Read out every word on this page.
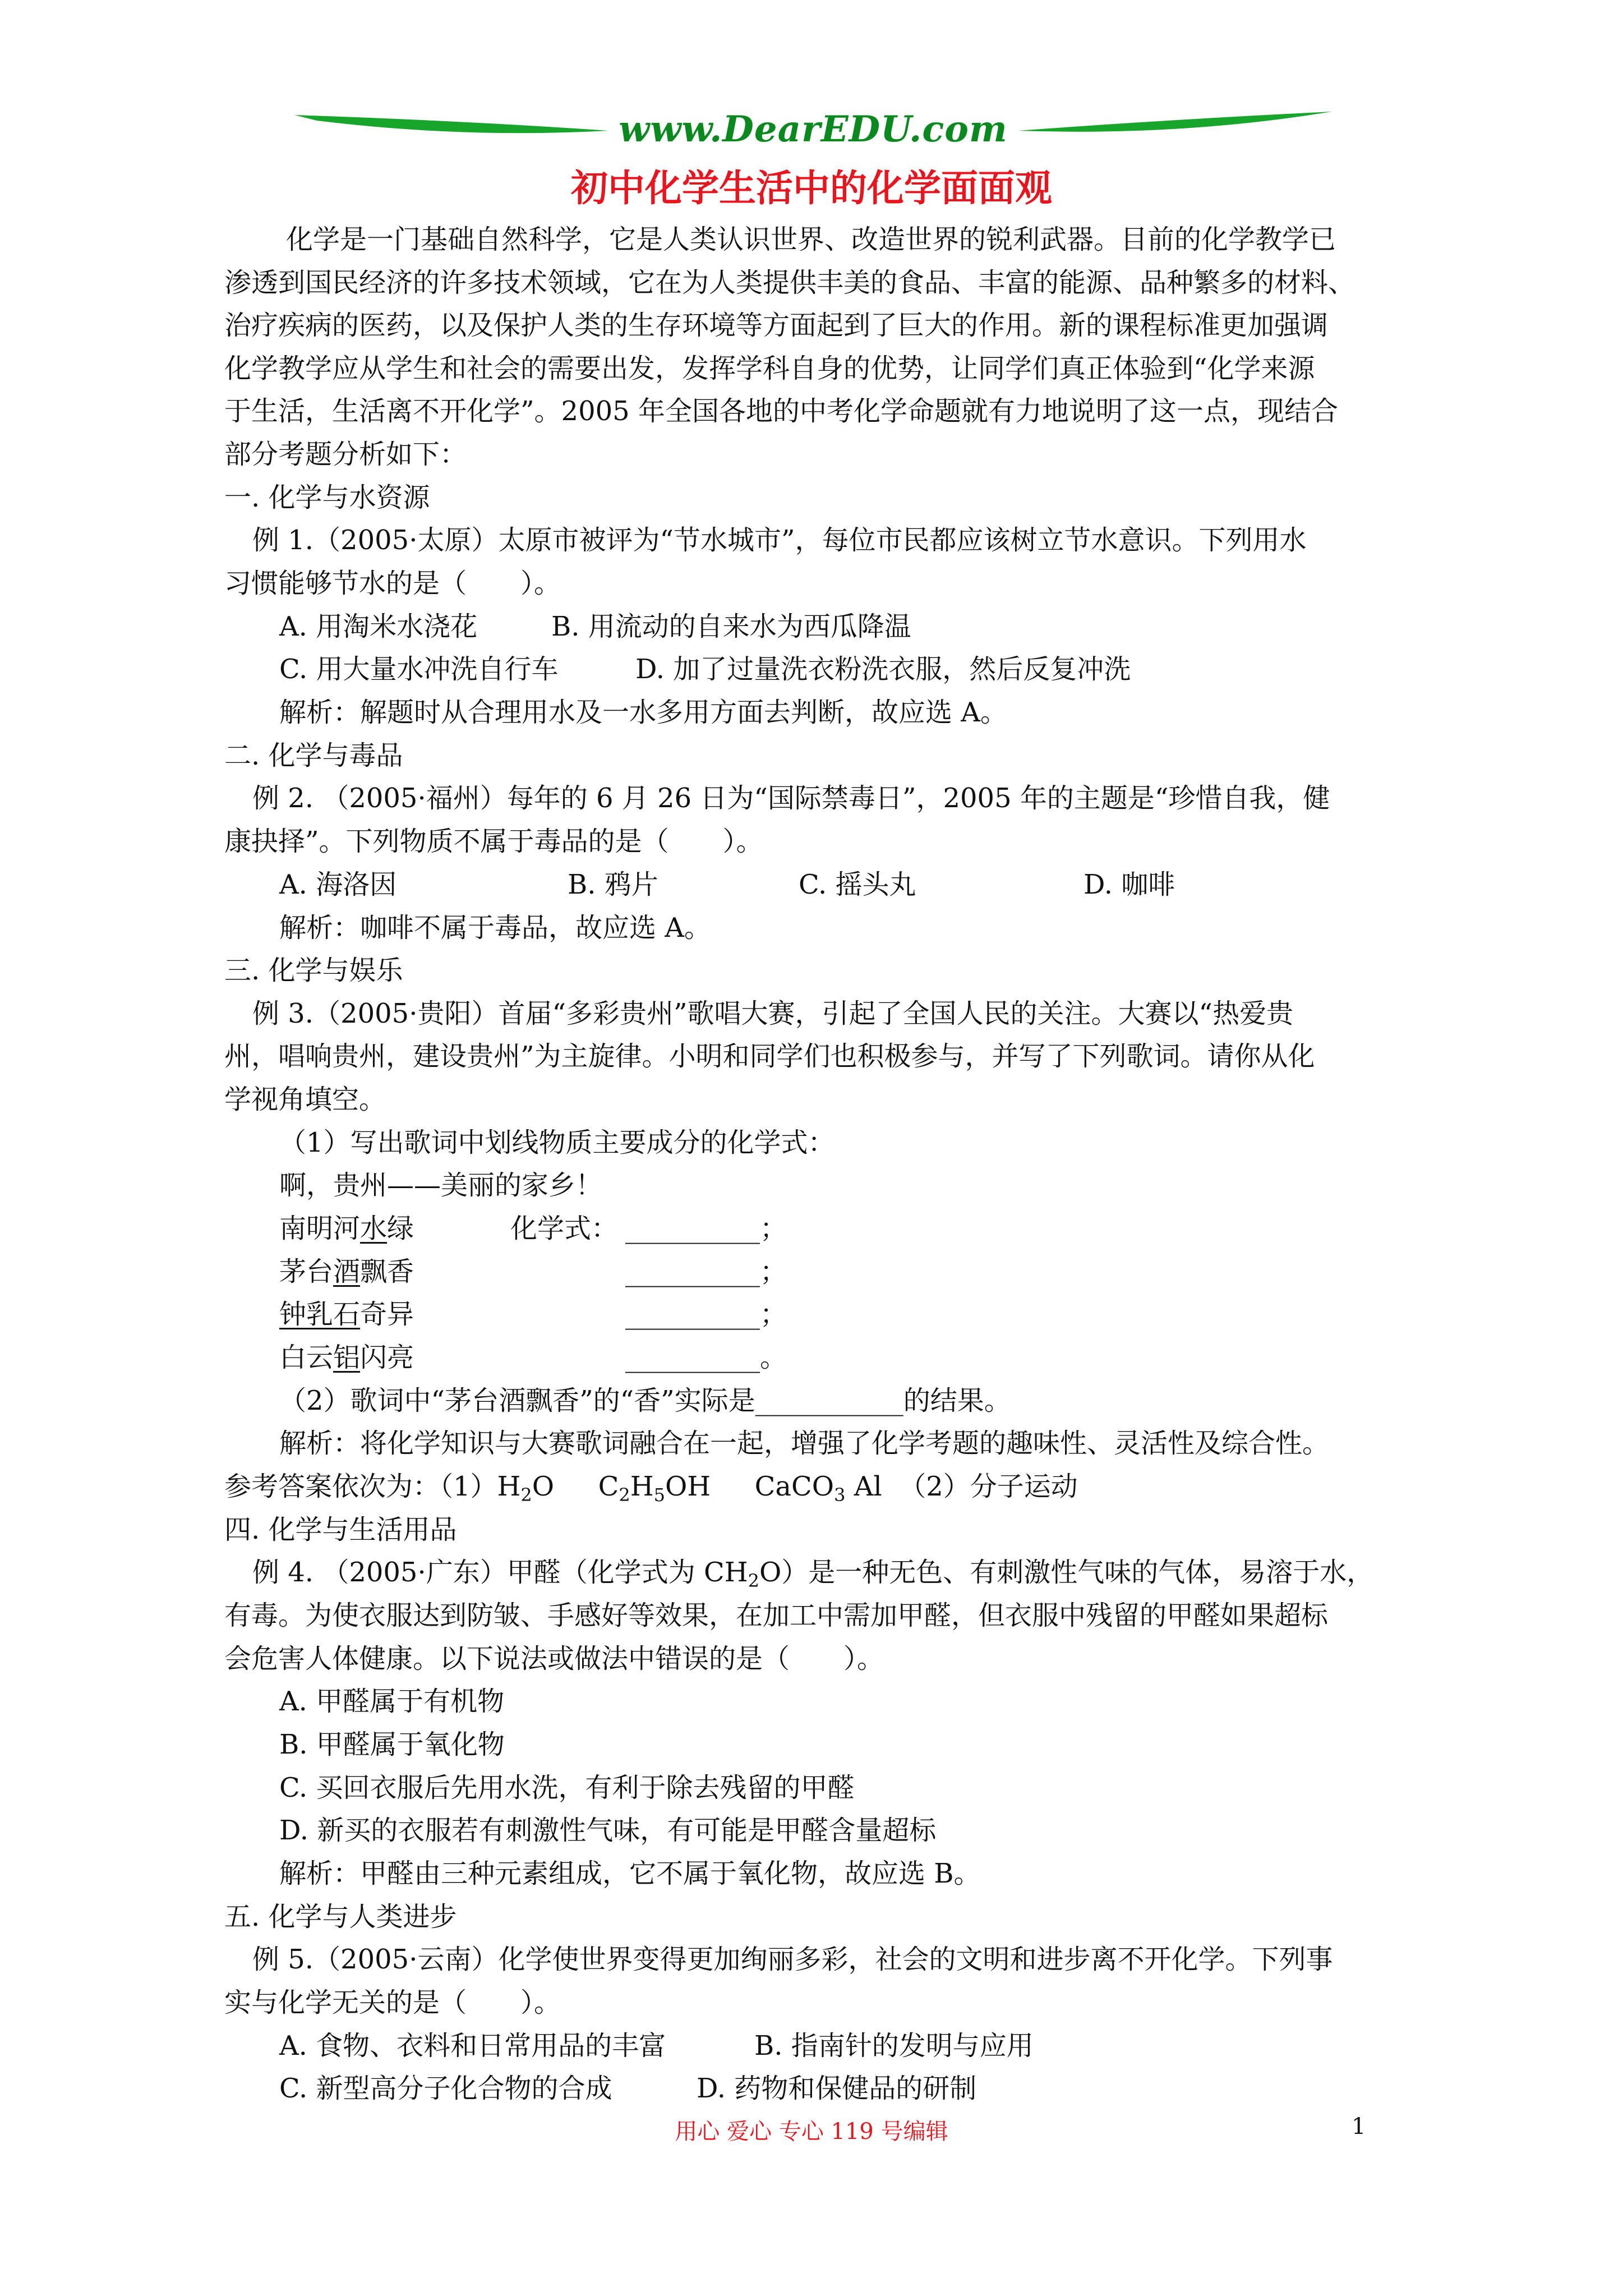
www.DearEDU.com
初中化学生活中的化学面面观
化学是一门基础自然科学，它是人类认识世界、改造世界的锐利武器。目前的化学教学已
渗透到国民经济的许多技术领域，它在为人类提供丰美的食品、丰富的能源、品种繁多的材料、
治疗疾病的医药，以及保护人类的生存环境等方面起到了巨大的作用。新的课程标准更加强调
化学教学应从学生和社会的需要出发，发挥学科自身的优势，让同学们真正体验到“化学来源
于生活，生活离不开化学”。2005 年全国各地的中考化学命题就有力地说明了这一点，现结合
部分考题分析如下：
一. 化学与水资源
例 1.（2005·太原）太原市被评为“节水城市”，每位市民都应该树立节水意识。下列用水
习惯能够节水的是（　　）。
A. 用淘米水浇花	B. 用流动的自来水为西瓜降温
C. 用大量水冲洗自行车	D. 加了过量洗衣粉洗衣服，然后反复冲洗
解析：解题时从合理用水及一水多用方面去判断，故应选 A。
二. 化学与毒品
例 2. （2005·福州）每年的 6 月 26 日为“国际禁毒日”，2005 年的主题是“珍惜自我，健
康抉择”。下列物质不属于毒品的是（　　）。
A. 海洛因	B. 鸦片	C. 摇头丸	D. 咖啡
解析：咖啡不属于毒品，故应选 A。
三. 化学与娱乐
例 3.（2005·贵阳）首届“多彩贵州”歌唱大赛，引起了全国人民的关注。大赛以“热爱贵
州，唱响贵州，建设贵州”为主旋律。小明和同学们也积极参与，并写了下列歌词。请你从化
学视角填空。
（1）写出歌词中划线物质主要成分的化学式：
啊，贵州——美丽的家乡！
南明河水绿	化学式： __________；
茅台酒飘香	__________；
钟乳石奇异	__________；
白云铝闪亮	__________。
（2）歌词中“茅台酒飘香”的“香”实际是___________的结果。
解析：将化学知识与大赛歌词融合在一起，增强了化学考题的趣味性、灵活性及综合性。
参考答案依次为：$(1)H_2O$　  $C_2H_5OH$　  CaCO$_3$ Al  （2）分子运动
四. 化学与生活用品
例 4. （2005·广东）甲醛（化学式为 $CH_2O$）是一种无色、有刺激性气味的气体，易溶于水，
有毒。为使衣服达到防皱、手感好等效果，在加工中需加甲醛，但衣服中残留的甲醛如果超标
会危害人体健康。以下说法或做法中错误的是（　　）。
A. 甲醛属于有机物
B. 甲醛属于氧化物
C. 买回衣服后先用水洗，有利于除去残留的甲醛
D. 新买的衣服若有刺激性气味，有可能是甲醛含量超标
解析：甲醛由三种元素组成，它不属于氧化物，故应选 B。
五. 化学与人类进步
例 5.（2005·云南）化学使世界变得更加绚丽多彩，社会的文明和进步离不开化学。下列事
实与化学无关的是（　　）。
A. 食物、衣料和日常用品的丰富	B. 指南针的发明与应用
C. 新型高分子化合物的合成	D. 药物和保健品的研制
用心 爱心 专心 119 号编辑	1
